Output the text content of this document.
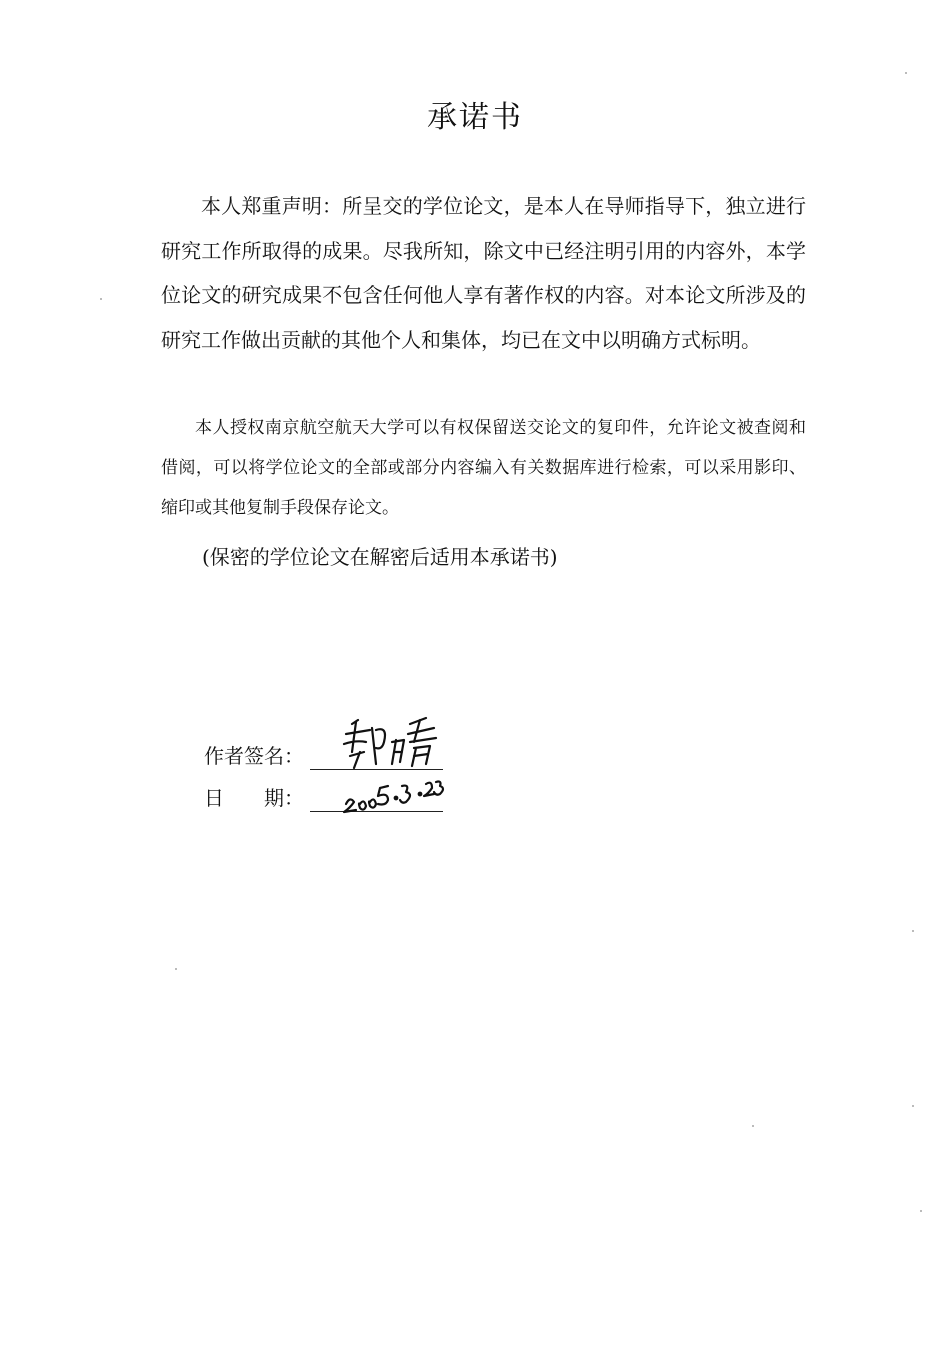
承诺书

本人郑重声明：所呈交的学位论文，是本人在导师指导下，独立进行研究工作所取得的成果。尽我所知，除文中已经注明引用的内容外，本学位论文的研究成果不包含任何他人享有著作权的内容。对本论文所涉及的研究工作做出贡献的其他个人和集体，均已在文中以明确方式标明。

本人授权南京航空航天大学可以有权保留送交论文的复印件，允许论文被查阅和借阅，可以将学位论文的全部或部分内容编入有关数据库进行检索，可以采用影印、缩印或其他复制手段保存论文。

(保密的学位论文在解密后适用本承诺书)

作者签名：
日　　期：
